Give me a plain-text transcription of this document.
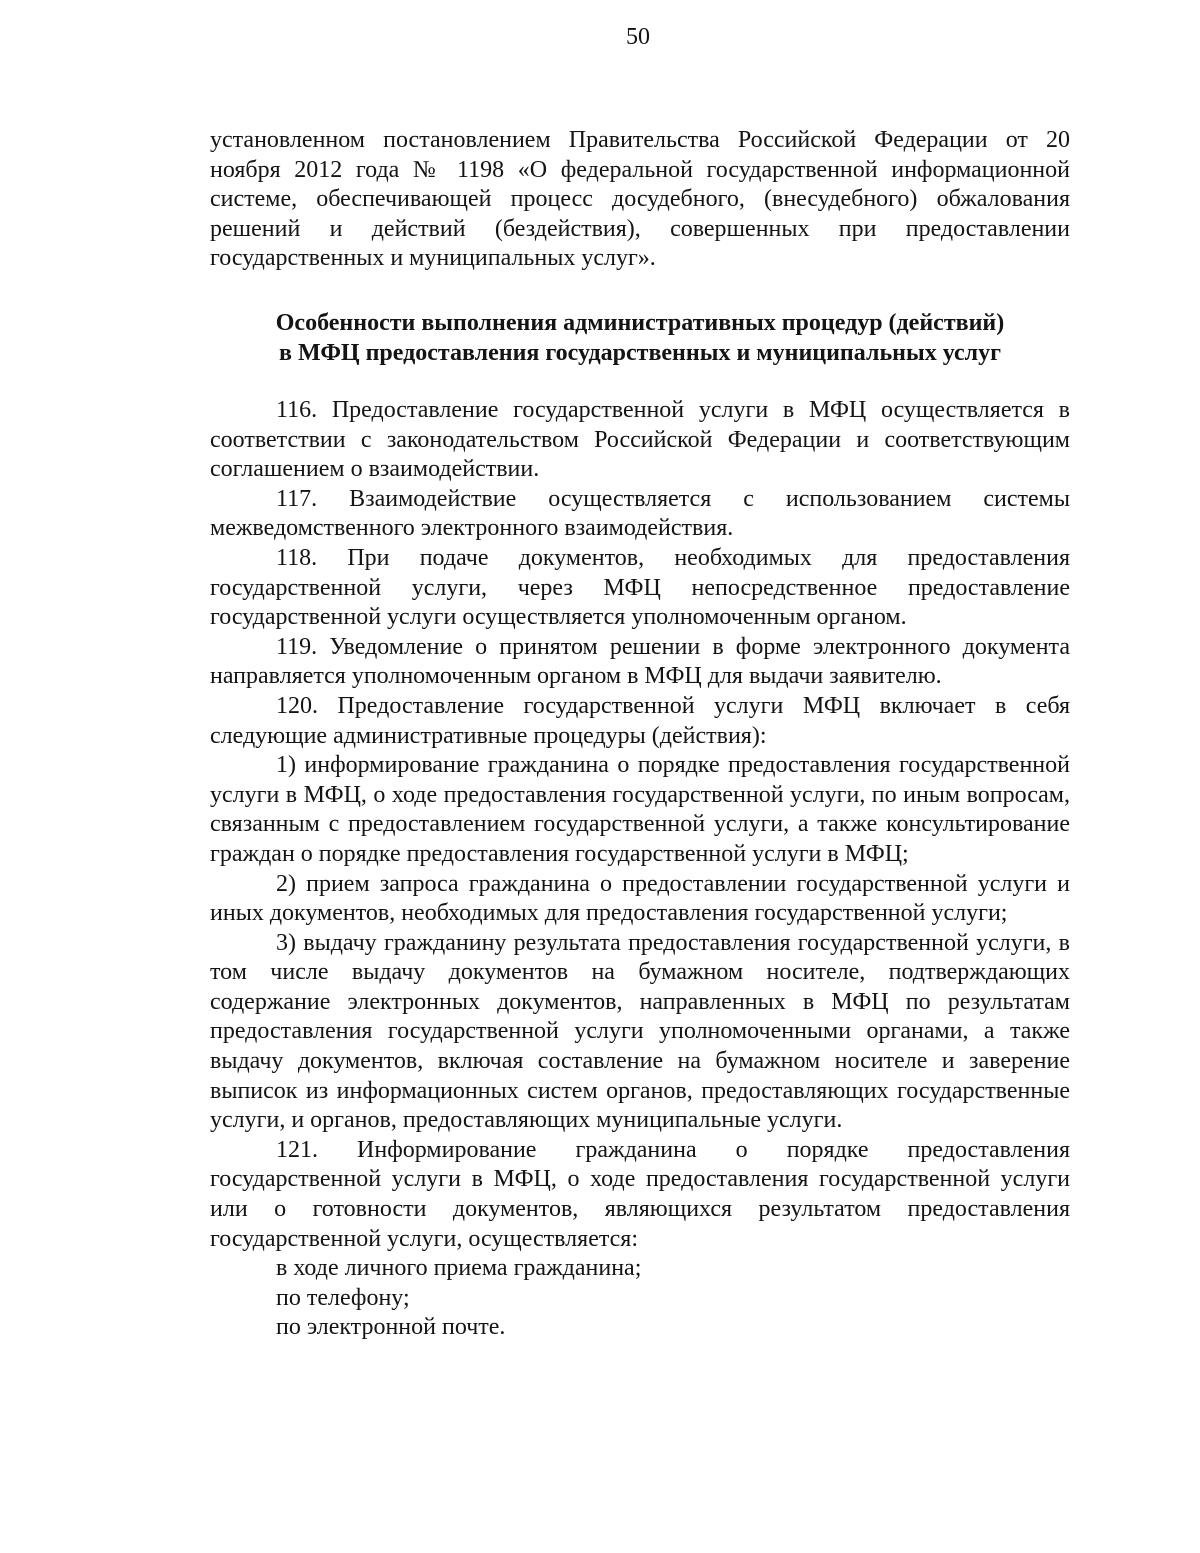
50

установленном постановлением Правительства Российской Федерации от 20 ноября 2012 года № 1198 «О федеральной государственной информационной системе, обеспечивающей процесс досудебного, (внесудебного) обжалования решений и действий (бездействия), совершенных при предоставлении государственных и муниципальных услуг».

Особенности выполнения административных процедур (действий)
в МФЦ предоставления государственных и муниципальных услуг

116. Предоставление государственной услуги в МФЦ осуществляется в соответствии с законодательством Российской Федерации и соответствующим соглашением о взаимодействии.

117. Взаимодействие осуществляется с использованием системы межведомственного электронного взаимодействия.

118. При подаче документов, необходимых для предоставления государственной услуги, через МФЦ непосредственное предоставление государственной услуги осуществляется уполномоченным органом.

119. Уведомление о принятом решении в форме электронного документа направляется уполномоченным органом в МФЦ для выдачи заявителю.

120. Предоставление государственной услуги МФЦ включает в себя следующие административные процедуры (действия):

1) информирование гражданина о порядке предоставления государственной услуги в МФЦ, о ходе предоставления государственной услуги, по иным вопросам, связанным с предоставлением государственной услуги, а также консультирование граждан о порядке предоставления государственной услуги в МФЦ;

2) прием запроса гражданина о предоставлении государственной услуги и иных документов, необходимых для предоставления государственной услуги;

3) выдачу гражданину результата предоставления государственной услуги, в том числе выдачу документов на бумажном носителе, подтверждающих содержание электронных документов, направленных в МФЦ по результатам предоставления государственной услуги уполномоченными органами, а также выдачу документов, включая составление на бумажном носителе и заверение выписок из информационных систем органов, предоставляющих государственные услуги, и органов, предоставляющих муниципальные услуги.

121. Информирование гражданина о порядке предоставления государственной услуги в МФЦ, о ходе предоставления государственной услуги или о готовности документов, являющихся результатом предоставления государственной услуги, осуществляется:

в ходе личного приема гражданина;

по телефону;

по электронной почте.
